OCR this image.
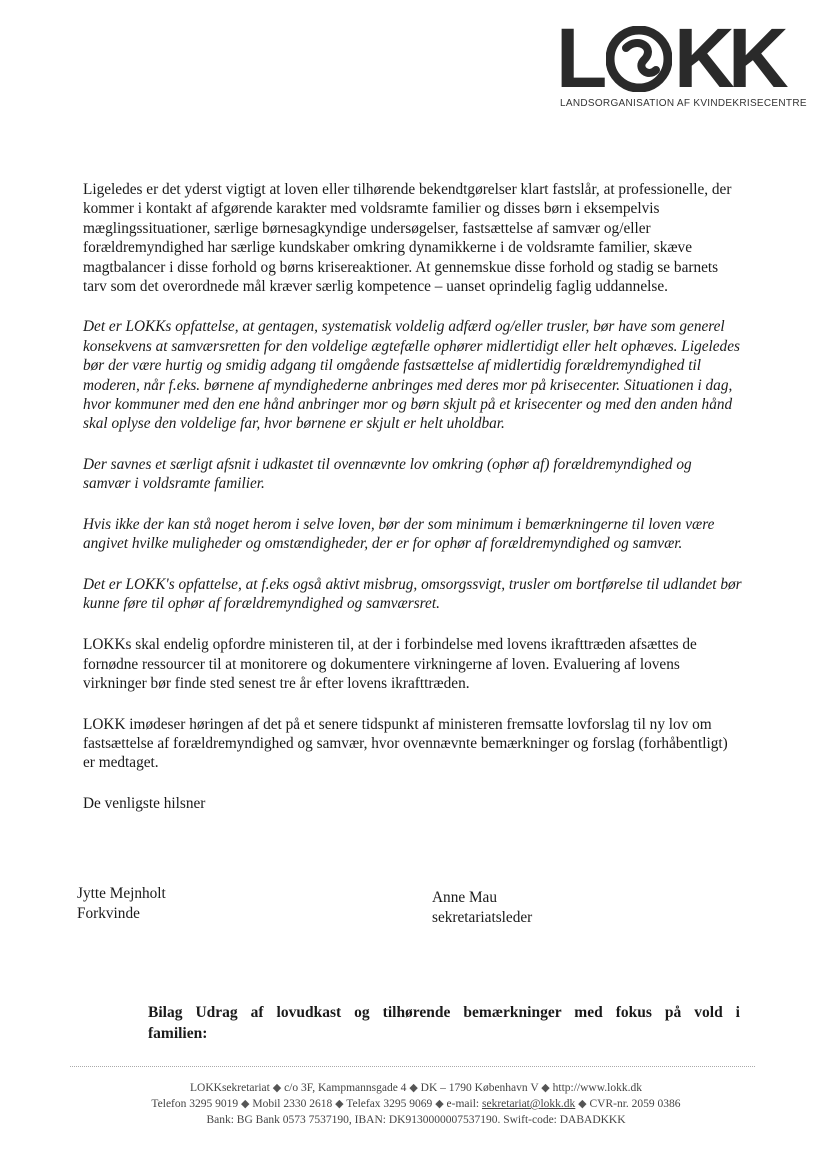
L K
K
LANDSORGANISATION AF KVINDEKRISECENTRE

Ligeledes er det yderst vigtigt at loven eller tilhørende bekendtgørelser klart fastslår, at professionelle, der kommer i kontakt af afgørende karakter med voldsramte familier og disses børn i eksempelvis mæglingssituationer, særlige børnesagkyndige undersøgelser, fastsættelse af samvær og/eller forældremyndighed har særlige kundskaber omkring dynamikkerne i de voldsramte familier, skæve magtbalancer i disse forhold og børns krisereaktioner. At gennemskue disse forhold og stadig se barnets tarv som det overordnede mål kræver særlig kompetence – uanset oprindelig faglig uddannelse.

Det er LOKKs opfattelse, at gentagen, systematisk voldelig adfærd og/eller trusler, bør have som generel konsekvens at samværsretten for den voldelige ægtefælle ophører midlertidigt eller helt ophæves. Ligeledes bør der være hurtig og smidig adgang til omgående fastsættelse af midlertidig forældremyndighed til moderen, når f.eks. børnene af myndighederne anbringes med deres mor på krisecenter. Situationen i dag, hvor kommuner med den ene hånd anbringer mor og børn skjult på et krisecenter og med den anden hånd skal oplyse den voldelige far, hvor børnene er skjult er helt uholdbar.

Der savnes et særligt afsnit i udkastet til ovennævnte lov omkring (ophør af) forældremyndighed og samvær i voldsramte familier.

Hvis ikke der kan stå noget herom i selve loven, bør der som minimum i bemærkningerne til loven være angivet hvilke muligheder og omstændigheder, der er for ophør af forældremyndighed og samvær.

Det er LOKK's opfattelse, at f.eks også aktivt misbrug, omsorgssvigt, trusler om bortførelse til udlandet bør kunne føre til ophør af forældremyndighed og samværsret.

LOKKs skal endelig opfordre ministeren til, at der i forbindelse med lovens ikrafttræden afsættes de fornødne ressourcer til at monitorere og dokumentere virkningerne af loven. Evaluering af lovens virkninger bør finde sted senest tre år efter lovens ikrafttræden.

LOKK imødeser høringen af det på et senere tidspunkt af ministeren fremsatte lovforslag til ny lov om fastsættelse af forældremyndighed og samvær, hvor ovennævnte bemærkninger og forslag (forhåbentligt) er medtaget.

De venligste hilsner

Jytte Mejnholt
Forkvinde
Anne Mau
sekretariatsleder
Bilag Udrag af lovudkast og tilhørende bemærkninger med fokus på vold i familien:
LOKKsekretariat ◆ c/o 3F, Kampmannsgade 4 ◆ DK – 1790 København V ◆ http://www.lokk.dk
Telefon 3295 9019 ◆ Mobil 2330 2618 ◆ Telefax 3295 9069 ◆ e-mail: sekretariat@lokk.dk ◆ CVR-nr. 2059 0386
Bank: BG Bank 0573 7537190, IBAN: DK9130000007537190. Swift-code: DABADKKK
